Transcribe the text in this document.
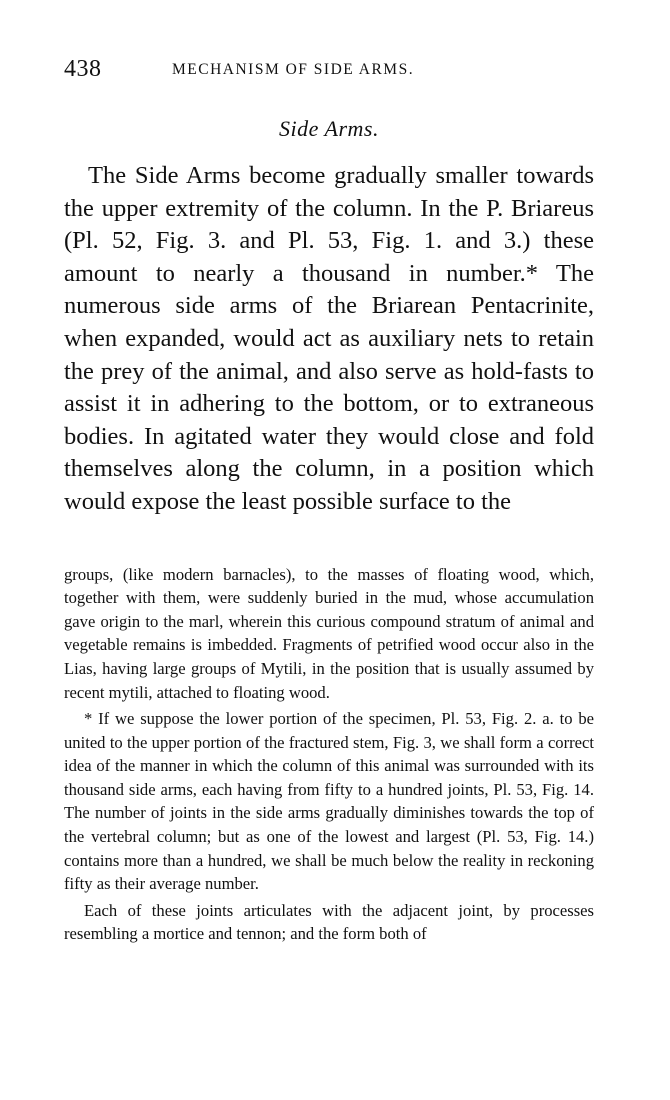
438	MECHANISM OF SIDE ARMS.
Side Arms.

The Side Arms become gradually smaller towards the upper extremity of the column. In the P. Briareus (Pl. 52, Fig. 3. and Pl. 53, Fig. 1. and 3.) these amount to nearly a thousand in number.* The numerous side arms of the Briarean Pentacrinite, when expanded, would act as auxiliary nets to retain the prey of the animal, and also serve as hold-fasts to assist it in adhering to the bottom, or to extraneous bodies. In agitated water they would close and fold themselves along the column, in a position which would expose the least possible surface to the

groups, (like modern barnacles), to the masses of floating wood, which, together with them, were suddenly buried in the mud, whose accumulation gave origin to the marl, wherein this curious compound stratum of animal and vegetable remains is imbedded. Fragments of petrified wood occur also in the Lias, having large groups of Mytili, in the position that is usually assumed by recent mytili, attached to floating wood.

* If we suppose the lower portion of the specimen, Pl. 53, Fig. 2. a. to be united to the upper portion of the fractured stem, Fig. 3, we shall form a correct idea of the manner in which the column of this animal was surrounded with its thousand side arms, each having from fifty to a hundred joints, Pl. 53, Fig. 14. The number of joints in the side arms gradually diminishes towards the top of the vertebral column; but as one of the lowest and largest (Pl. 53, Fig. 14.) contains more than a hundred, we shall be much below the reality in reckoning fifty as their average number.

Each of these joints articulates with the adjacent joint, by processes resembling a mortice and tennon; and the form both of
